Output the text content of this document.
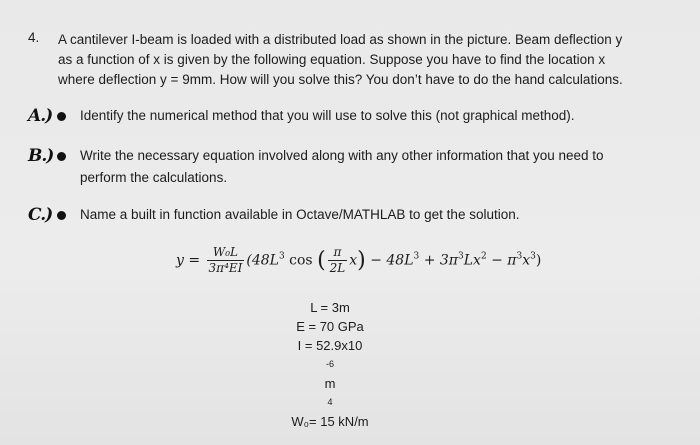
4. A cantilever I-beam is loaded with a distributed load as shown in the picture. Beam deflection y
as a function of x is given by the following equation. Suppose you have to find the location x
where deflection y = 9mm. How will you solve this? You don’t have to do the hand calculations.
A.) Identify the numerical method that you will use to solve this (not graphical method).
B.) Write the necessary equation involved along with any other information that you need to
perform the calculations.
C.) Name a built in function available in Octave/MATHLAB to get the solution.
$y = \frac{\text{W₀L}}{\text{3π⁴EI}} (48L^3$ cos ( $\frac{\pi}{2L} x) - 48L^3 + 3\pi^3Lx^2 - \pi^3x^3$)
L = 3m
E = 70 GPa
I = 52.9x10
-6
m
4
W₀= 15 kN/m
